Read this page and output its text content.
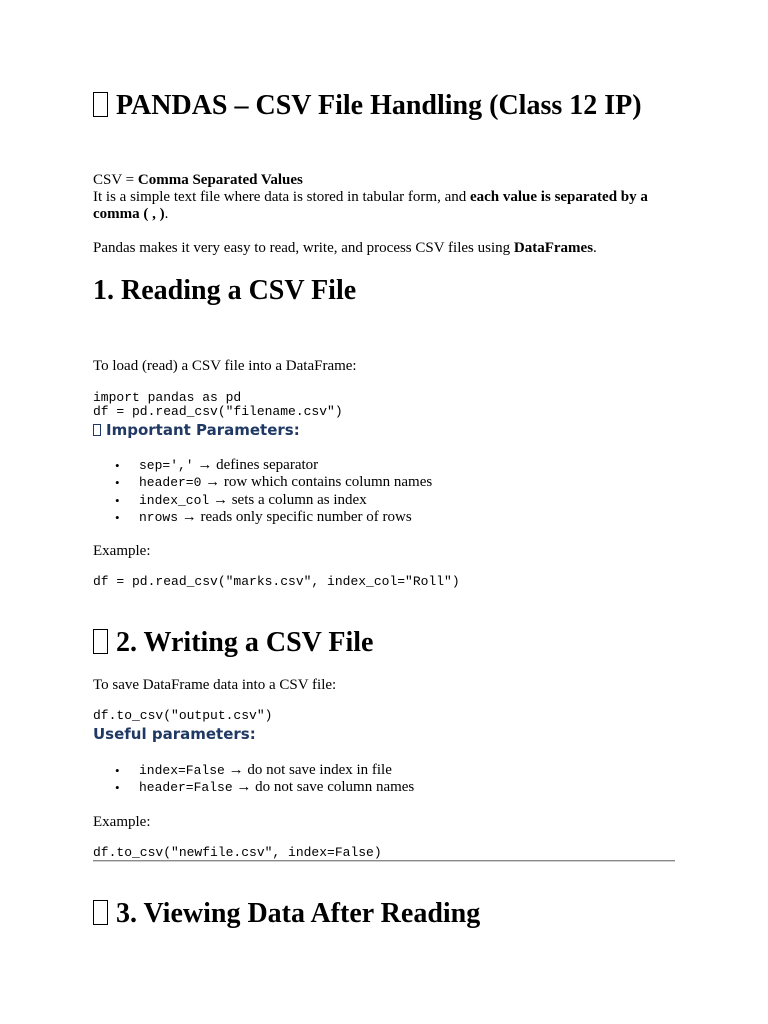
PANDAS – CSV File Handling (Class 12 IP)

CSV = Comma Separated Values

It is a simple text file where data is stored in tabular form, and each value is separated by a comma ( , ).

Pandas makes it very easy to read, write, and process CSV files using DataFrames.

1. Reading a CSV File

To load (read) a CSV file into a DataFrame:

import pandas as pd
df = pd.read_csv("filename.csv")
Important Parameters:
• sep=',' → defines separator
• header=0 → row which contains column names
• index_col → sets a column as index
• nrows → reads only specific number of rows

Example:

df = pd.read_csv("marks.csv", index_col="Roll")
2. Writing a CSV File

To save DataFrame data into a CSV file:

df.to_csv("output.csv")
Useful parameters:
• index=False → do not save index in file
• header=False → do not save column names

Example:

df.to_csv("newfile.csv", index=False)
3. Viewing Data After Reading
